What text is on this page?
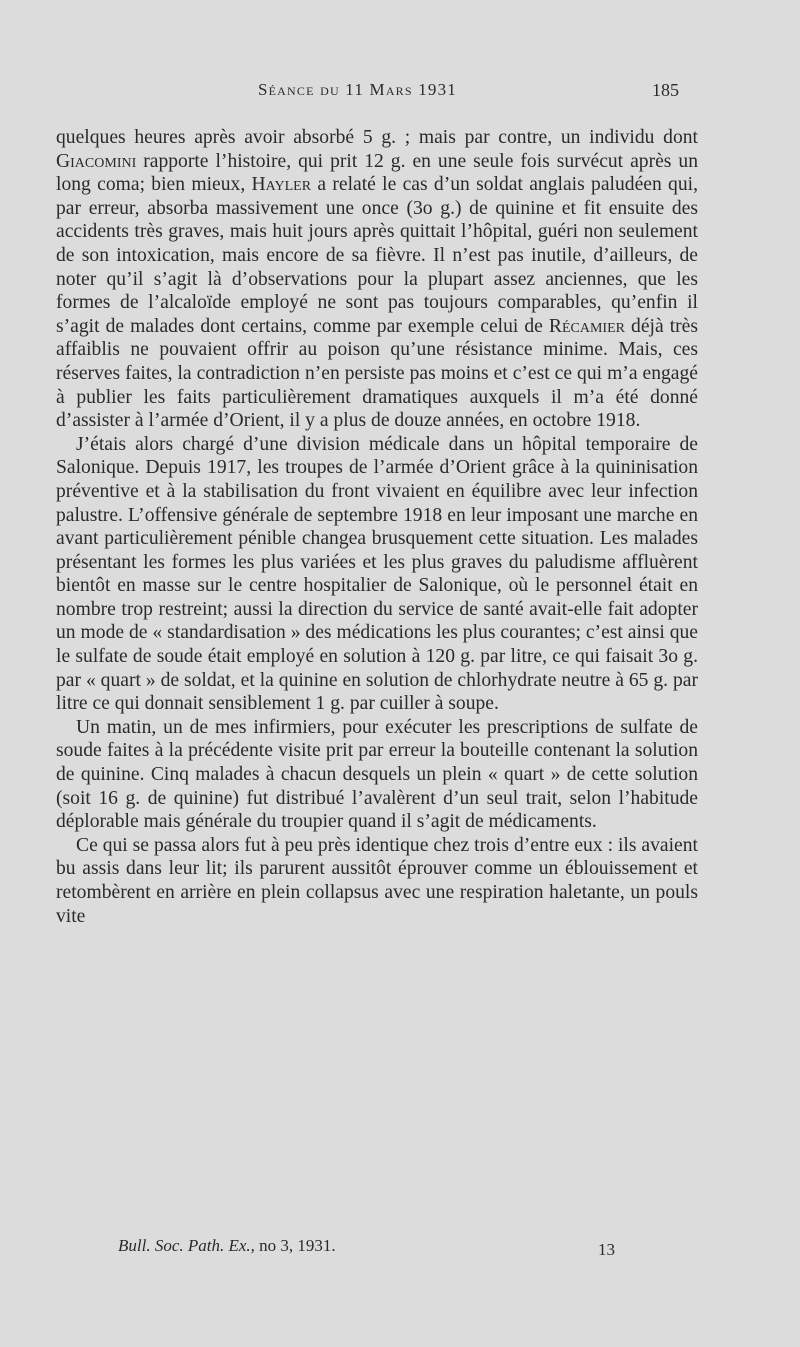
Séance du 11 Mars 1931	185

quelques heures après avoir absorbé 5 g. ; mais par contre, un individu dont Giacomini rapporte l’histoire, qui prit 12 g. en une seule fois survécut après un long coma; bien mieux, Hayler a relaté le cas d’un soldat anglais paludéen qui, par erreur, absorba massivement une once (3o g.) de quinine et fit ensuite des accidents très graves, mais huit jours après quittait l’hôpital, guéri non seulement de son intoxication, mais encore de sa fièvre. Il n’est pas inutile, d’ailleurs, de noter qu’il s’agit là d’observations pour la plupart assez anciennes, que les formes de l’alcaloïde employé ne sont pas toujours comparables, qu’enfin il s’agit de malades dont certains, comme par exemple celui de Récamier déjà très affaiblis ne pouvaient offrir au poison qu’une résistance minime. Mais, ces réserves faites, la contradiction n’en persiste pas moins et c’est ce qui m’a engagé à publier les faits particulièrement dramatiques auxquels il m’a été donné d’assister à l’armée d’Orient, il y a plus de douze années, en octobre 1918.

J’étais alors chargé d’une division médicale dans un hôpital temporaire de Salonique. Depuis 1917, les troupes de l’armée d’Orient grâce à la quininisation préventive et à la stabilisation du front vivaient en équilibre avec leur infection palustre. L’offensive générale de septembre 1918 en leur imposant une marche en avant particulièrement pénible changea brusquement cette situation. Les malades présentant les formes les plus variées et les plus graves du paludisme affluèrent bientôt en masse sur le centre hospitalier de Salonique, où le personnel était en nombre trop restreint; aussi la direction du service de santé avait-elle fait adopter un mode de « standardisation » des médications les plus courantes; c’est ainsi que le sulfate de soude était employé en solution à 120 g. par litre, ce qui faisait 3o g. par « quart » de soldat, et la quinine en solution de chlorhydrate neutre à 65 g. par litre ce qui donnait sensiblement 1 g. par cuiller à soupe.

Un matin, un de mes infirmiers, pour exécuter les prescriptions de sulfate de soude faites à la précédente visite prit par erreur la bouteille contenant la solution de quinine. Cinq malades à chacun desquels un plein « quart » de cette solution (soit 16 g. de quinine) fut distribué l’avalèrent d’un seul trait, selon l’habitude déplorable mais générale du troupier quand il s’agit de médicaments.

Ce qui se passa alors fut à peu près identique chez trois d’entre eux : ils avaient bu assis dans leur lit; ils parurent aussitôt éprouver comme un éblouissement et retombèrent en arrière en plein collapsus avec une respiration haletante, un pouls vite

Bull. Soc. Path. Ex., no 3, 1931.	13
